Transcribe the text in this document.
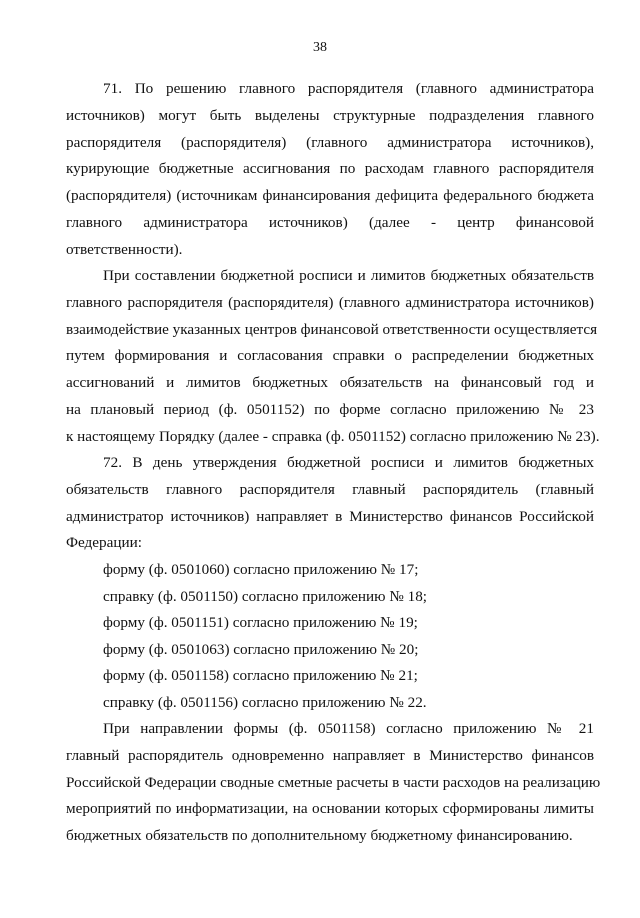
38
71. По решению главного распорядителя (главного администратора
источников) могут быть выделены структурные подразделения главного
распорядителя (распорядителя) (главного администратора источников),
курирующие бюджетные ассигнования по расходам главного распорядителя
(распорядителя) (источникам финансирования дефицита федерального бюджета
главного администратора источников) (далее - центр финансовой
ответственности).
При составлении бюджетной росписи и лимитов бюджетных обязательств
главного распорядителя (распорядителя) (главного администратора источников)
взаимодействие указанных центров финансовой ответственности осуществляется
путем формирования и согласования справки о распределении бюджетных
ассигнований и лимитов бюджетных обязательств на финансовый год и
на плановый период (ф. 0501152) по форме согласно приложению № 23
к настоящему Порядку (далее - справка (ф. 0501152) согласно приложению № 23).
72. В день утверждения бюджетной росписи и лимитов бюджетных
обязательств главного распорядителя главный распорядитель (главный
администратор источников) направляет в Министерство финансов Российской
Федерации:
форму (ф. 0501060) согласно приложению № 17;
справку (ф. 0501150) согласно приложению № 18;
форму (ф. 0501151) согласно приложению № 19;
форму (ф. 0501063) согласно приложению № 20;
форму (ф. 0501158) согласно приложению № 21;
справку (ф. 0501156) согласно приложению № 22.
При направлении формы (ф. 0501158) согласно приложению № 21
главный распорядитель одновременно направляет в Министерство финансов
Российской Федерации сводные сметные расчеты в части расходов на реализацию
мероприятий по информатизации, на основании которых сформированы лимиты
бюджетных обязательств по дополнительному бюджетному финансированию.
